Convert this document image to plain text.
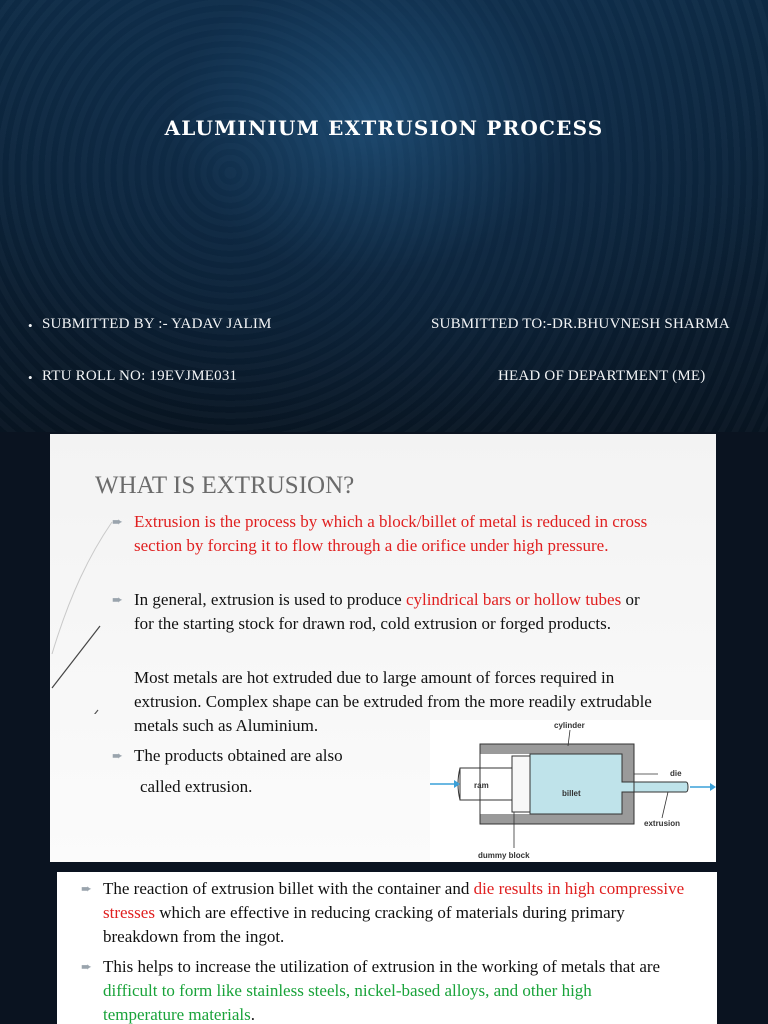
ALUMINIUM EXTRUSION PROCESS
• SUBMITTED BY :- YADAV JALIM	SUBMITTED TO:-DR.BHUVNESH SHARMA
• RTU ROLL NO: 19EVJME031	HEAD OF DEPARTMENT (ME)
WHAT IS EXTRUSION?
➨ Extrusion is the process by which a block/billet of metal is reduced in cross section by forcing it to flow through a die orifice under high pressure.

➨ In general, extrusion is used to produce cylindrical bars or hollow tubes or for the starting stock for drawn rod, cold extrusion or forged products.

Most metals are hot extruded due to large amount of forces required in extrusion. Complex shape can be extruded from the more readily extrudable metals such as Aluminium.

➨ The products obtained are also

called extrusion.

cylinder
die
ram
billet
extrusion
dummy block
➨ The reaction of extrusion billet with the container and die results in high compressive stresses which are effective in reducing cracking of materials during primary breakdown from the ingot.

➨ This helps to increase the utilization of extrusion in the working of metals that are difficult to form like stainless steels, nickel-based alloys, and other high temperature materials.
